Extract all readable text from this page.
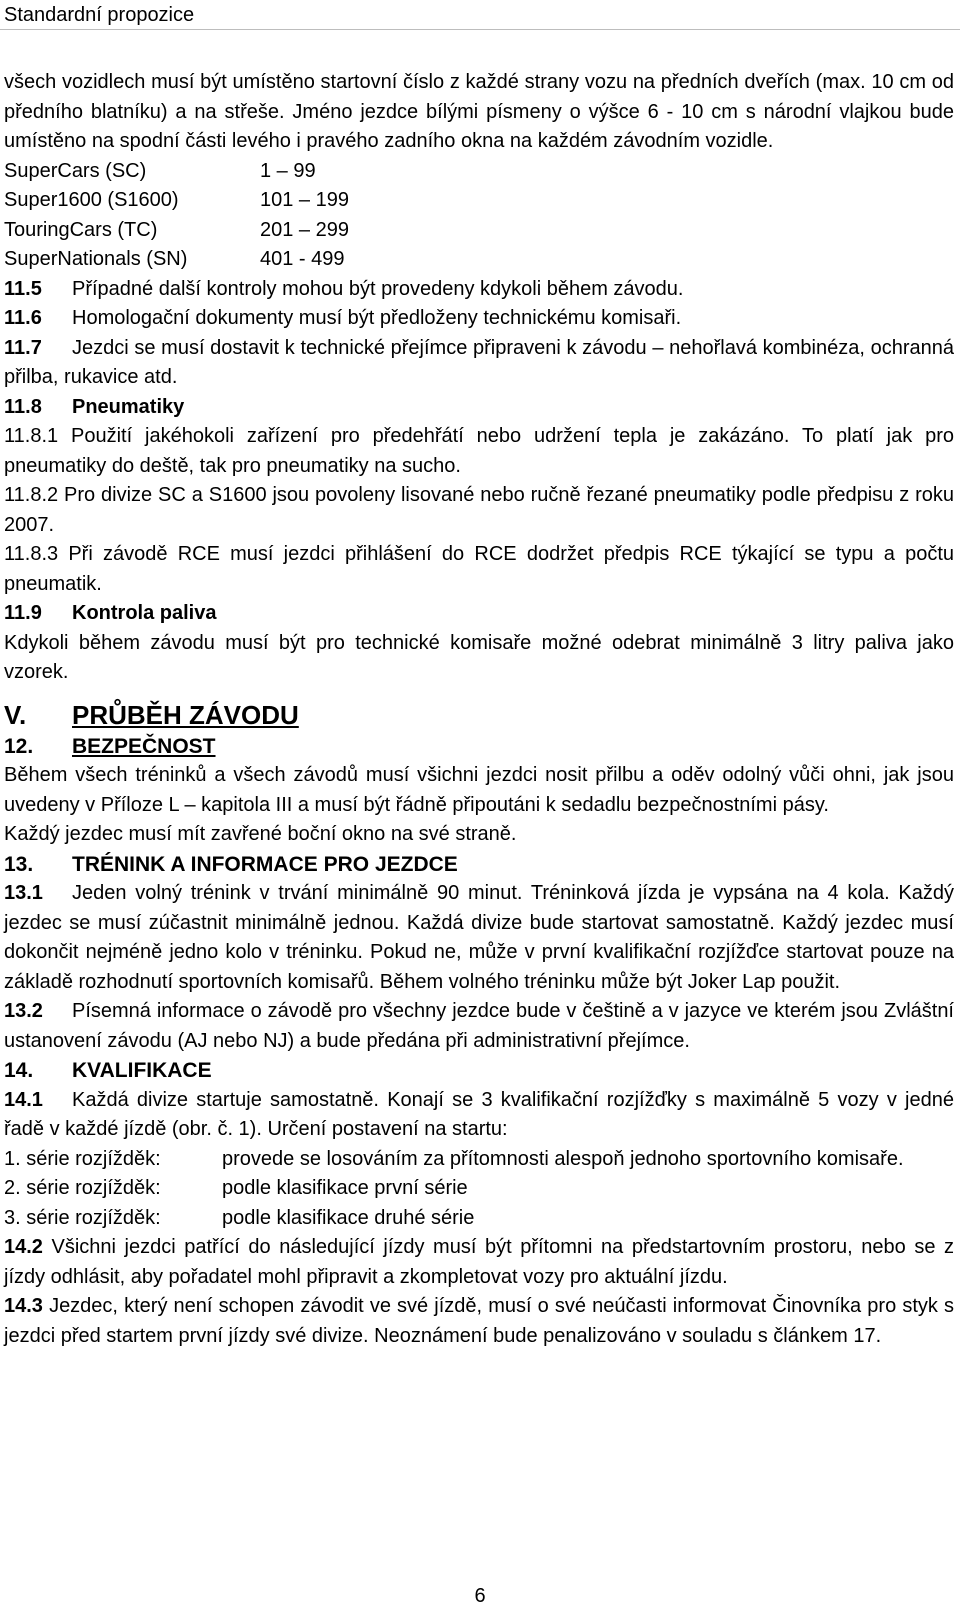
Standardní propozice

všech vozidlech musí být umístěno startovní číslo z každé strany vozu na předních dveřích (max. 10 cm od předního blatníku) a na střeše. Jméno jezdce bílými písmeny o výšce 6 - 10 cm s národní vlajkou bude umístěno na spodní části levého i pravého zadního okna na každém závodním vozidle.

SuperCars (SC)	1 – 99
Super1600 (S1600)	101 – 199
TouringCars (TC)	201 – 299
SuperNationals (SN)	401 - 499

11.5 Případné další kontroly mohou být provedeny kdykoli během závodu.

11.6 Homologační dokumenty musí být předloženy technickému komisaři.

11.7 Jezdci se musí dostavit k technické přejímce připraveni k závodu – nehořlavá kombinéza, ochranná přilba, rukavice atd.

11.8 Pneumatiky

11.8.1 Použití jakéhokoli zařízení pro předehřátí nebo udržení tepla je zakázáno. To platí jak pro pneumatiky do deště, tak pro pneumatiky na sucho.

11.8.2 Pro divize SC a S1600 jsou povoleny lisované nebo ručně řezané pneumatiky podle předpisu z roku 2007.

11.8.3 Při závodě RCE musí jezdci přihlášení do RCE dodržet předpis RCE týkající se typu a počtu pneumatik.

11.9 Kontrola paliva

Kdykoli během závodu musí být pro technické komisaře možné odebrat minimálně 3 litry paliva jako vzorek.

V. PRŮBĚH ZÁVODU

12. BEZPEČNOST

Během všech tréninků a všech závodů musí všichni jezdci nosit přilbu a oděv odolný vůči ohni, jak jsou uvedeny v Příloze L – kapitola III a musí být řádně připoutáni k sedadlu bezpečnostními pásy.

Každý jezdec musí mít zavřené boční okno na své straně.

13. TRÉNINK A INFORMACE PRO JEZDCE

13.1 Jeden volný trénink v trvání minimálně 90 minut. Tréninková jízda je vypsána na 4 kola. Každý jezdec se musí zúčastnit minimálně jednou. Každá divize bude startovat samostatně. Každý jezdec musí dokončit nejméně jedno kolo v tréninku. Pokud ne, může v první kvalifikační rozjížďce startovat pouze na základě rozhodnutí sportovních komisařů. Během volného tréninku může být Joker Lap použit.

13.2 Písemná informace o závodě pro všechny jezdce bude v češtině a v jazyce ve kterém jsou Zvláštní ustanovení závodu (AJ nebo NJ) a bude předána při administrativní přejímce.

14. KVALIFIKACE

14.1 Každá divize startuje samostatně. Konají se 3 kvalifikační rozjížďky s maximálně 5 vozy v jedné řadě v každé jízdě (obr. č. 1). Určení postavení na startu:

1. série rozjížděk:	provede se losováním za přítomnosti alespoň jednoho sportovního komisaře.
2. série rozjížděk:	podle klasifikace první série
3. série rozjížděk:	podle klasifikace druhé série

14.2 Všichni jezdci patřící do následující jízdy musí být přítomni na předstartovním prostoru, nebo se z jízdy odhlásit, aby pořadatel mohl připravit a zkompletovat vozy pro aktuální jízdu.

14.3 Jezdec, který není schopen závodit ve své jízdě, musí o své neúčasti informovat Činovníka pro styk s jezdci před startem první jízdy své divize. Neoznámení bude penalizováno v souladu s článkem 17.

6
